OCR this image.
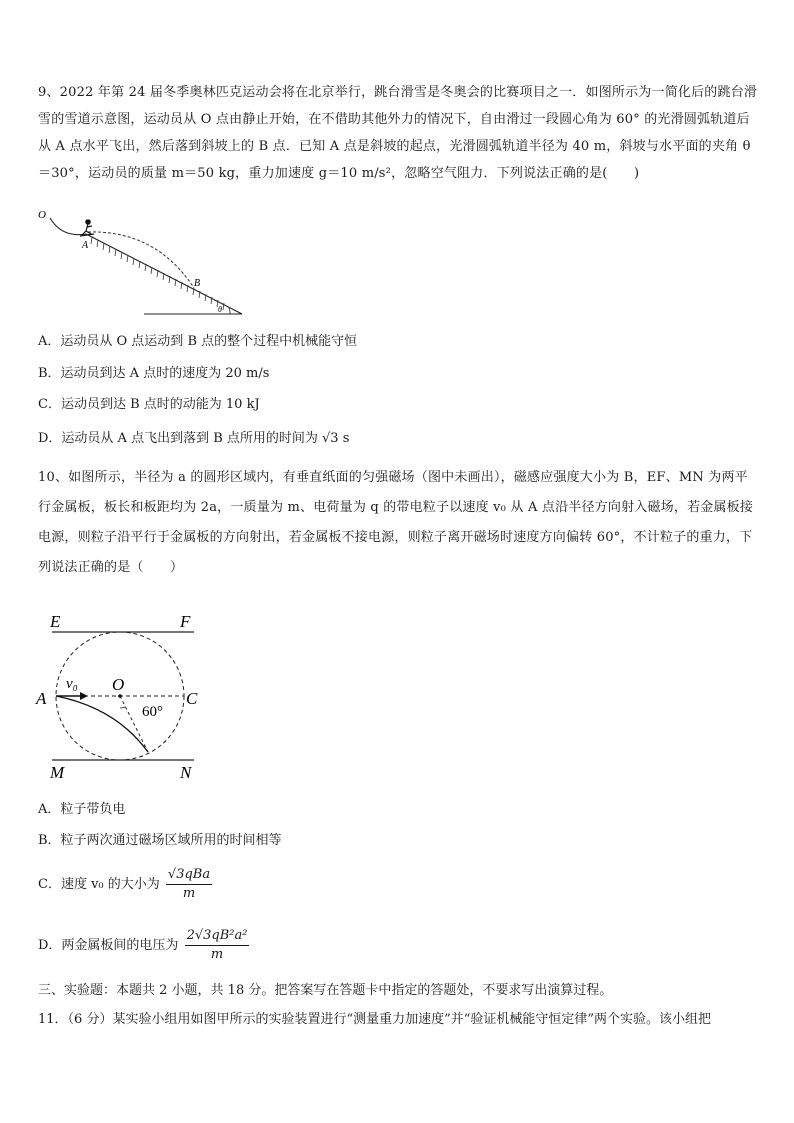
9、2022 年第 24 届冬季奥林匹克运动会将在北京举行，跳台滑雪是冬奥会的比赛项目之一．如图所示为一简化后的跳台滑雪的雪道示意图，运动员从 O 点由静止开始，在不借助其他外力的情况下，自由滑过一段圆心角为 60° 的光滑圆弧轨道后从 A 点水平飞出，然后落到斜坡上的 B 点．已知 A 点是斜坡的起点，光滑圆弧轨道半径为 40 m，斜坡与水平面的夹角 θ＝30°，运动员的质量 m＝50 kg，重力加速度 g＝10 m/s²，忽略空气阻力．下列说法正确的是(　　)
O
A
B
θ
A．运动员从 O 点运动到 B 点的整个过程中机械能守恒
B．运动员到达 A 点时的速度为 20 m/s
C．运动员到达 B 点时的动能为 10 kJ
D．运动员从 A 点飞出到落到 B 点所用的时间为 √3 s
10、如图所示，半径为 a 的圆形区域内，有垂直纸面的匀强磁场（图中未画出），磁感应强度大小为 B，EF、MN 为两平行金属板，板长和板距均为 2a，一质量为 m、电荷量为 q 的带电粒子以速度 v₀ 从 A 点沿半径方向射入磁场，若金属板接电源，则粒子沿平行于金属板的方向射出，若金属板不接电源，则粒子离开磁场时速度方向偏转 60°，不计粒子的重力，下列说法正确的是（　　）
E	F
A
v₀ O
C
60°
M	N
A．粒子带负电
B．粒子两次通过磁场区域所用的时间相等
C．速度 v₀ 的大小为 $\frac{\text{√3qBa}}{m}$
D．两金属板间的电压为 $\frac{\text{2√3qB²a²}}{m}$
三、实验题：本题共 2 小题，共 18 分。把答案写在答题卡中指定的答题处，不要求写出演算过程。
11．（6 分）某实验小组用如图甲所示的实验装置进行“测量重力加速度”并“验证机械能守恒定律”两个实验。该小组把
